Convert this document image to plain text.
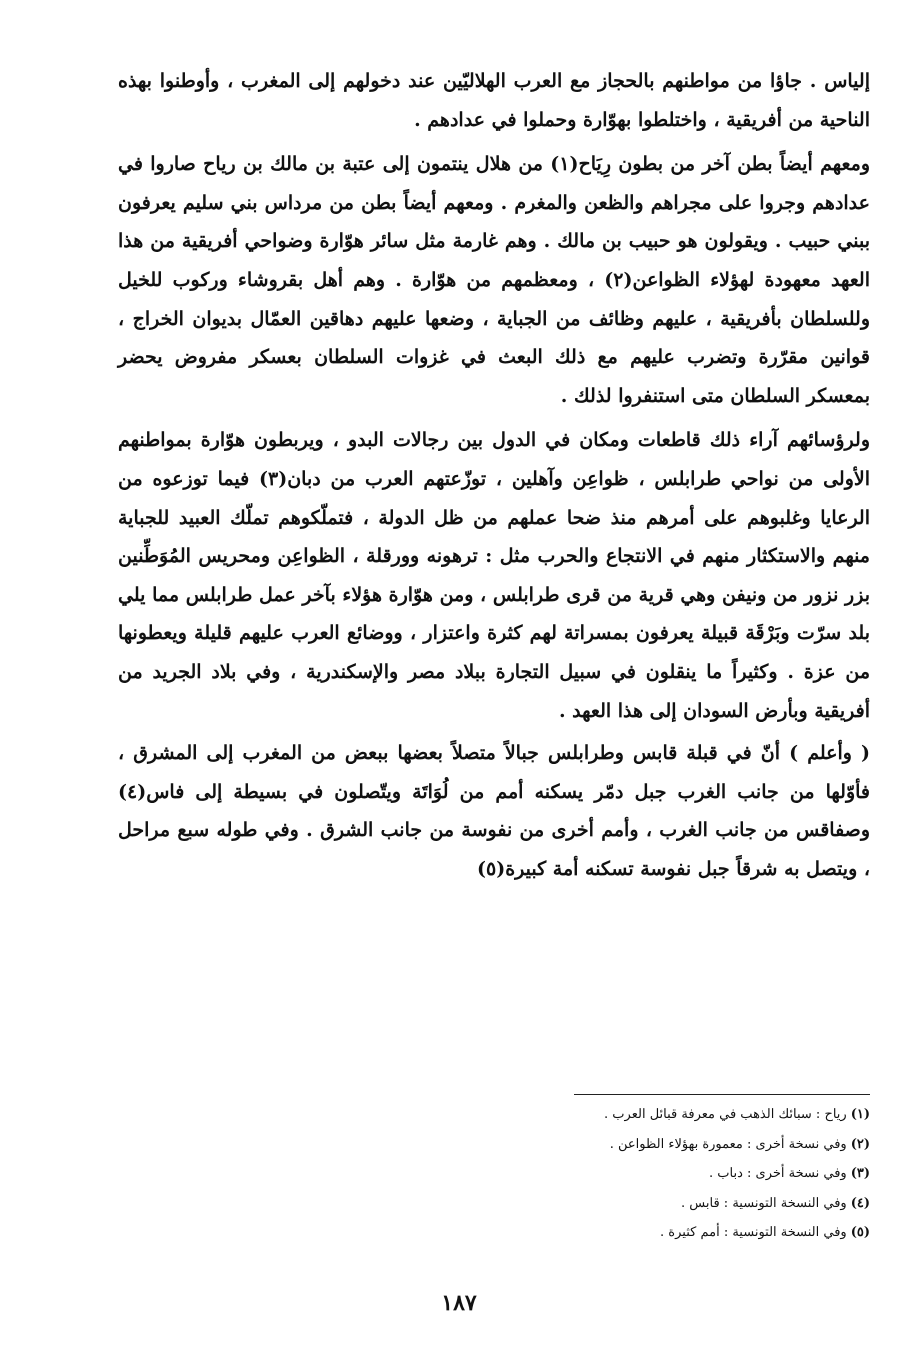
إلياس . جاؤا من مواطنهم بالحجاز مع العرب الهلاليّين عند دخولهم إلى المغرب ، وأوطنوا بهذه الناحية من أفريقية ، واختلطوا بهوّارة وحملوا في عدادهم .

ومعهم أيضاً بطن آخر من بطون رِيَاح(١) من هلال ينتمون إلى عتبة بن مالك بن رياح صاروا في عدادهم وجروا على مجراهم والظعن والمغرم . ومعهم أيضاً بطن من مرداس بني سليم يعرفون ببني حبيب . ويقولون هو حبيب بن مالك . وهم غارمة مثل سائر هوّارة وضواحي أفريقية من هذا العهد معهودة لهؤلاء الظواعن(٢) ، ومعظمهم من هوّارة . وهم أهل بقروشاء وركوب للخيل وللسلطان بأفريقية ، عليهم وظائف من الجباية ، وضعها عليهم دهاقين العمّال بديوان الخراج ، قوانين مقرّرة وتضرب عليهم مع ذلك البعث في غزوات السلطان بعسكر مفروض يحضر بمعسكر السلطان متى استنفروا لذلك .

ولرؤسائهم آراء ذلك قاطعات ومكان في الدول بين رجالات البدو ، ويربطون هوّارة بمواطنهم الأولى من نواحي طرابلس ، ظواعِن وآهلين ، توزّعتهم العرب من دبان(٣) فيما توزعوه من الرعايا وغلبوهم على أمرهم منذ ضحا عملهم من ظل الدولة ، فتملّكوهم تملّك العبيد للجباية منهم والاستكثار منهم في الانتجاع والحرب مثل : ترهونه وورقلة ، الظواعِن ومحريس المُوَطِّنين بزر نزور من ونيفن وهي قرية من قرى طرابلس ، ومن هوّارة هؤلاء بآخر عمل طرابلس مما يلي بلد سرّت وبَرْقَة قبيلة يعرفون بمسراتة لهم كثرة واعتزار ، ووضائع العرب عليهم قليلة ويعطونها من عزة . وكثيراً ما ينقلون في سبيل التجارة ببلاد مصر والإسكندرية ، وفي بلاد الجريد من أفريقية وبأرض السودان إلى هذا العهد .

( وأعلم ) أنّ في قبلة قابس وطرابلس جبالاً متصلاً بعضها ببعض من المغرب إلى المشرق ، فأوّلها من جانب الغرب جبل دمّر يسكنه أمم من لُوَاتَة ويتّصلون في بسيطة إلى فاس(٤) وصفاقس من جانب الغرب ، وأمم أخرى من نفوسة من جانب الشرق . وفي طوله سبع مراحل ، ويتصل به شرقاً جبل نفوسة تسكنه أمة كبيرة(٥)

(١)رياح : سبائك الذهب في معرفة قبائل العرب .
(٢)وفي نسخة أخرى : معمورة بهؤلاء الظواعن .
(٣)وفي نسخة أخرى : دباب .
(٤)وفي النسخة التونسية : قابس .
(٥)وفي النسخة التونسية : أمم كثيرة .
١٨٧
